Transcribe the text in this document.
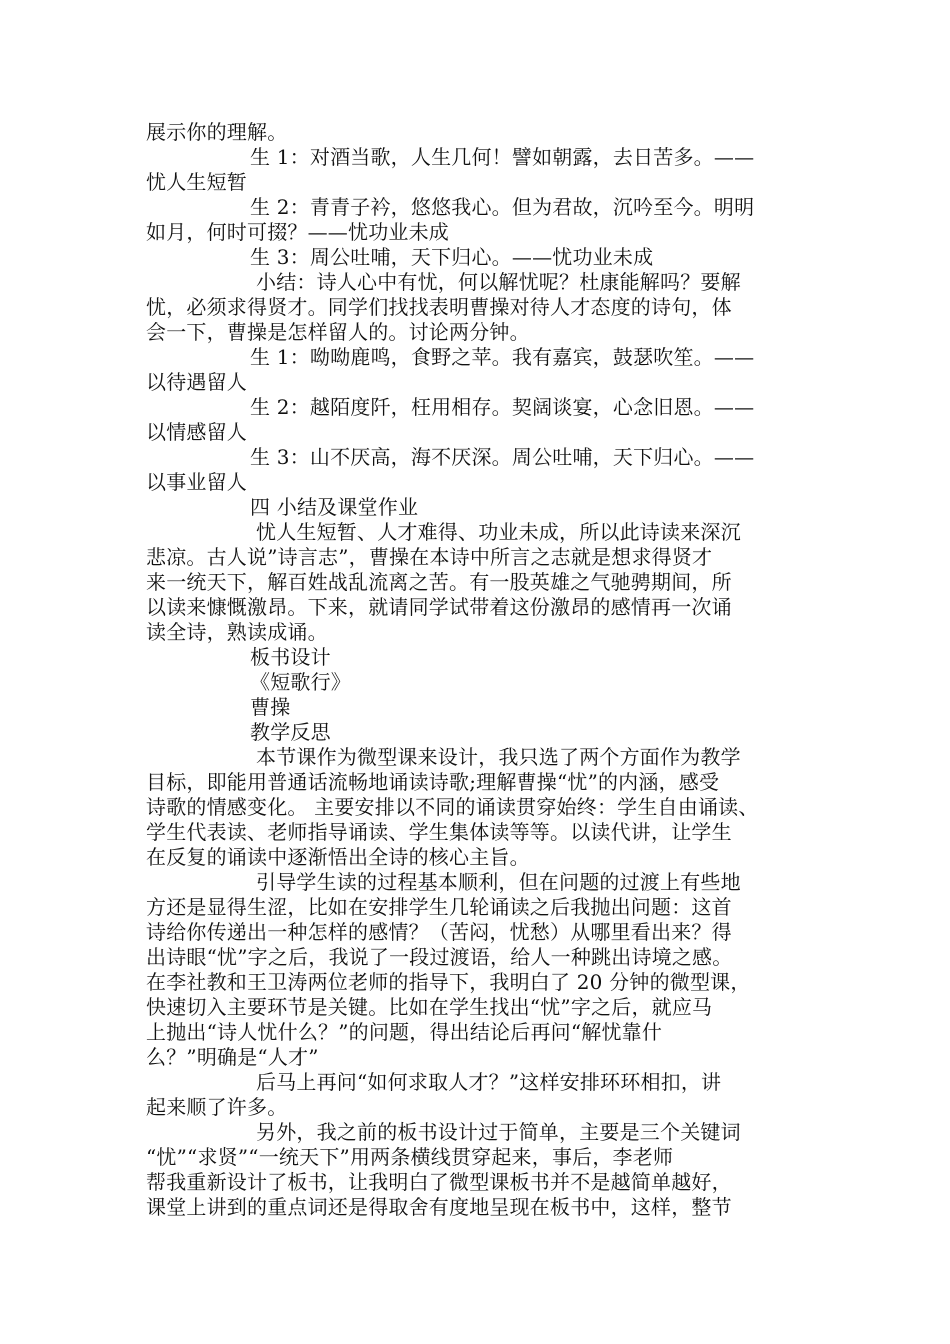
展示你的理解。
生 1：对酒当歌，人生几何！譬如朝露，去日苦多。——
忧人生短暂
生 2：青青子衿，悠悠我心。但为君故，沉吟至今。明明
如月，何时可掇？——忧功业未成
生 3：周公吐哺，天下归心。——忧功业未成
小结：诗人心中有忧，何以解忧呢？杜康能解吗？要解
忧，必须求得贤才。同学们找找表明曹操对待人才态度的诗句，体
会一下，曹操是怎样留人的。讨论两分钟。
生 1：呦呦鹿鸣，食野之苹。我有嘉宾，鼓瑟吹笙。——
以待遇留人
生 2：越陌度阡，枉用相存。契阔谈宴，心念旧恩。——
以情感留人
生 3：山不厌高，海不厌深。周公吐哺，天下归心。——
以事业留人
四 小结及课堂作业
忧人生短暂、人才难得、功业未成，所以此诗读来深沉
悲凉。古人说”诗言志”，曹操在本诗中所言之志就是想求得贤才
来一统天下，解百姓战乱流离之苦。有一股英雄之气驰骋期间，所
以读来慷慨激昂。下来，就请同学试带着这份激昂的感情再一次诵
读全诗，熟读成诵。
板书设计
《短歌行》
曹操
教学反思
本节课作为微型课来设计，我只选了两个方面作为教学
目标，即能用普通话流畅地诵读诗歌;理解曹操“忧”的内涵，感受
诗歌的情感变化。 主要安排以不同的诵读贯穿始终：学生自由诵读、
学生代表读、老师指导诵读、学生集体读等等。以读代讲，让学生
在反复的诵读中逐渐悟出全诗的核心主旨。
引导学生读的过程基本顺利，但在问题的过渡上有些地
方还是显得生涩，比如在安排学生几轮诵读之后我抛出问题：这首
诗给你传递出一种怎样的感情？（苦闷，忧愁）从哪里看出来？得
出诗眼“忧”字之后，我说了一段过渡语，给人一种跳出诗境之感。
在李社教和王卫涛两位老师的指导下，我明白了 20 分钟的微型课，
快速切入主要环节是关键。比如在学生找出“忧”字之后，就应马
上抛出“诗人忧什么？”的问题，得出结论后再问“解忧靠什
么？”明确是“人才”
后马上再问“如何求取人才？”这样安排环环相扣，讲
起来顺了许多。
另外，我之前的板书设计过于简单，主要是三个关键词
“忧”“求贤”“一统天下”用两条横线贯穿起来，事后，李老师
帮我重新设计了板书，让我明白了微型课板书并不是越简单越好，
课堂上讲到的重点词还是得取舍有度地呈现在板书中，这样，整节
